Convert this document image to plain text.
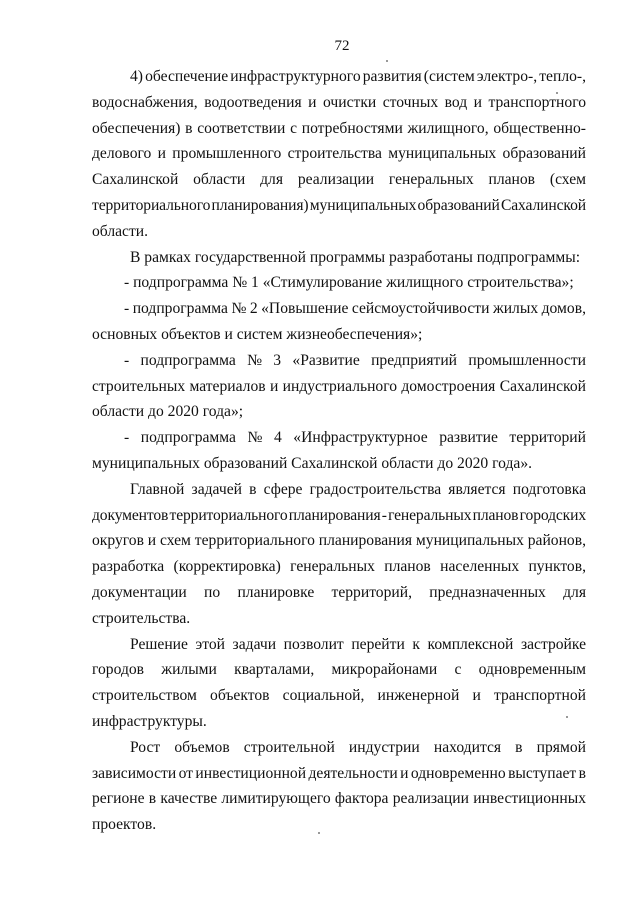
72
4) обеспечение инфраструктурного развития (систем электро-, тепло-,
водоснабжения, водоотведения и очистки сточных вод и транспортного
обеспечения) в соответствии с потребностями жилищного, общественно-
делового и промышленного строительства муниципальных образований
Сахалинской области для реализации генеральных планов (схем
территориального планирования) муниципальных образований Сахалинской
области.
В рамках государственной программы разработаны подпрограммы:
- подпрограмма № 1 «Стимулирование жилищного строительства»;
- подпрограмма № 2 «Повышение сейсмоустойчивости жилых домов,
основных объектов и систем жизнеобеспечения»;
- подпрограмма № 3 «Развитие предприятий промышленности
строительных материалов и индустриального домостроения Сахалинской
области до 2020 года»;
- подпрограмма № 4 «Инфраструктурное развитие территорий
муниципальных образований Сахалинской области до 2020 года».
Главной задачей в сфере градостроительства является подготовка
документов территориального планирования - генеральных планов городских
округов и схем территориального планирования муниципальных районов,
разработка (корректировка) генеральных планов населенных пунктов,
документации по планировке территорий, предназначенных для
строительства.
Решение этой задачи позволит перейти к комплексной застройке
городов жилыми кварталами, микрорайонами с одновременным
строительством объектов социальной, инженерной и транспортной
инфраструктуры.
Рост объемов строительной индустрии находится в прямой
зависимости от инвестиционной деятельности и одновременно выступает в
регионе в качестве лимитирующего фактора реализации инвестиционных
проектов.
